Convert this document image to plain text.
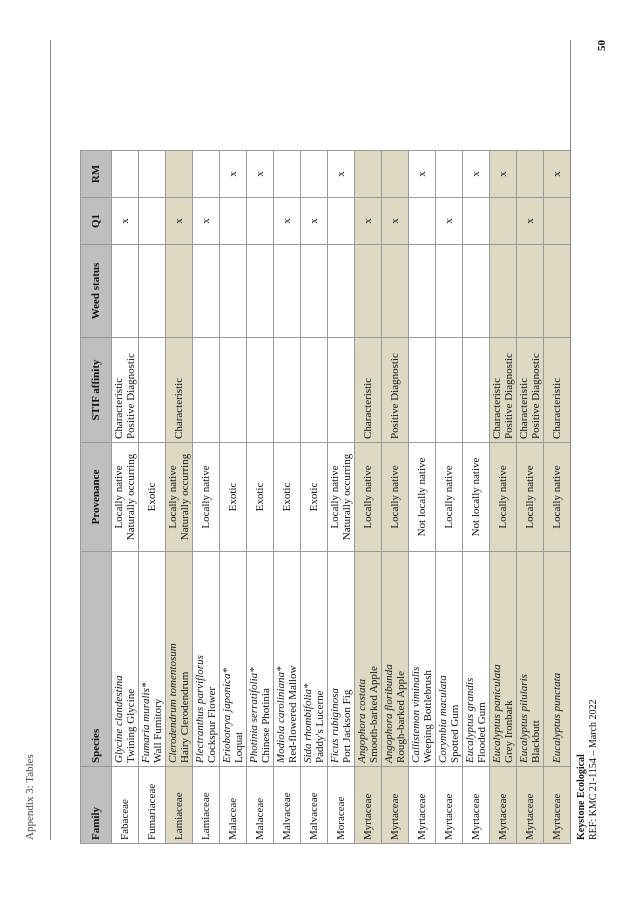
Appendix 3: Tables	Family	Species	Provenance	STIF affinity	Weed status	Q1	RM
Fabaceae	Glycine clandestina Twining Glycine	Locally native Naturally occurring	Characteristic Positive Diagnostic		x	
Fumariaceae	Fumaria muralis* Wall Fumitory	Exotic				

Lamiaceae	Clerodendrum tomentosum Hairy Clerodendrum	Locally native Naturally occurring	Characteristic		x	
Lamiaceae	Plectranthus parviflorus Cockspur Flower	Locally native			x	
Malaceae	Eriobotrya japonica* Loquat	Exotic				x
Malaceae	Photinia serratifolia* Chinese Photinia	Exotic				x
Malvaceae	Modiola caroliniana* Red-flowered Mallow	Exotic			x	
Malvaceae	Sida rhombifolia* Paddy's Lucerne	Exotic			x	
Moraceae	Ficus rubiginosa Port Jackson Fig	Locally native Naturally occurring				x
Myrtaceae	Angophora costata Smooth-barked Apple	Locally native	Characteristic		x	
Myrtaceae	Angophora floribunda Rough-barked Apple	Locally native	Positive Diagnostic		x	
Myrtaceae	Callistemon viminalis Weeping Bottlebrush	Not locally native				x
Myrtaceae	Corymbia maculata Spotted Gum	Locally native			x	
Myrtaceae	Eucalyptus grandis Flooded Gum	Not locally native				x
Myrtaceae	Eucalyptus paniculata Grey Ironbark	Locally native	Characteristic Positive Diagnostic			x
Myrtaceae	Eucalyptus pilularis Blackbutt	Locally native	Characteristic Positive Diagnostic		x	
Myrtaceae	Eucalyptus punctata	Locally native	Characteristic			x
Keystone Ecological REF: KMC 21-1154 – March 2022
50
